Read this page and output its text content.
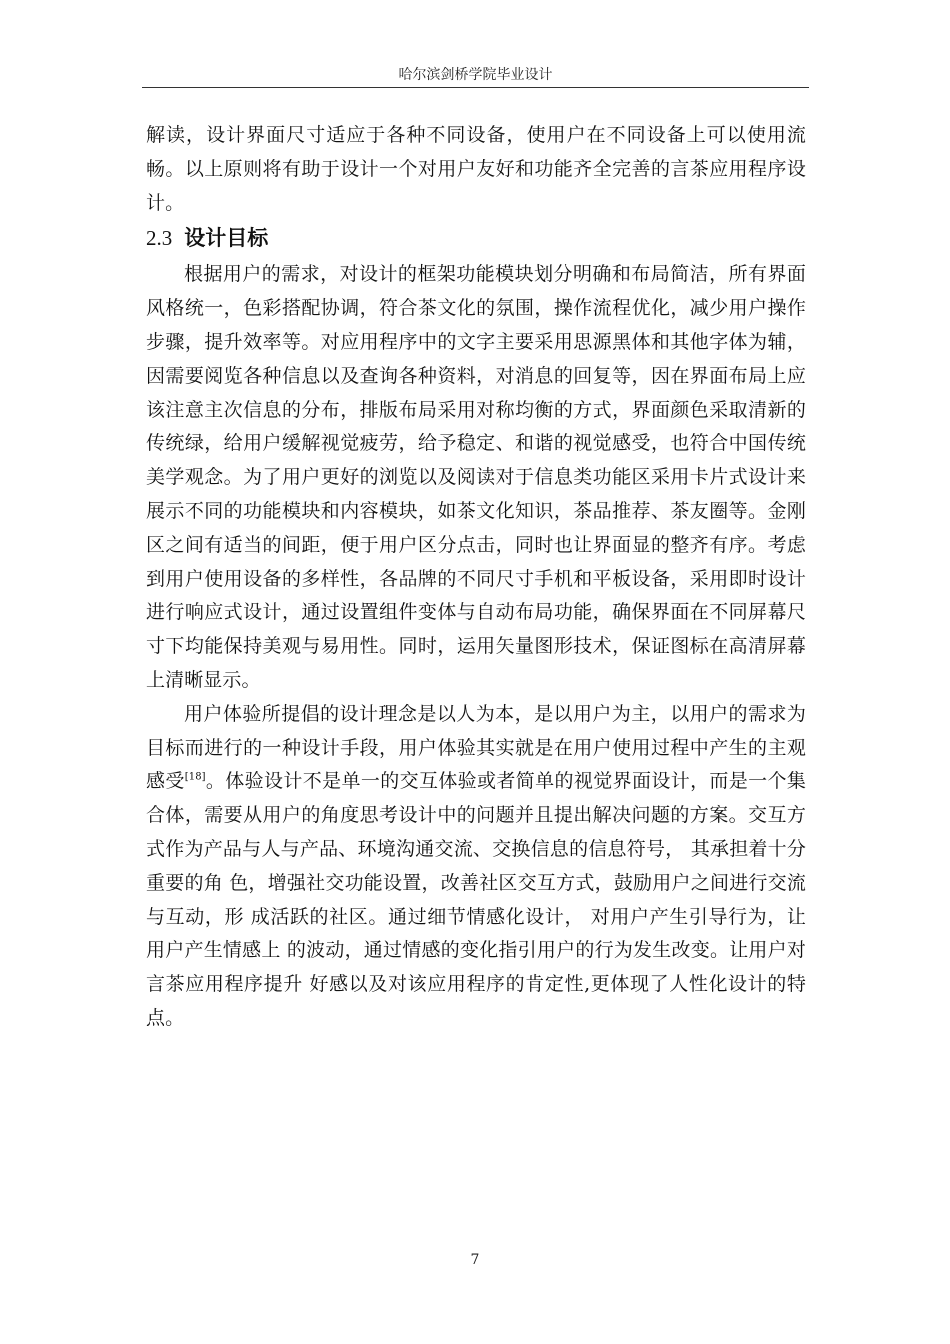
哈尔滨剑桥学院毕业设计

解读，设计界面尺寸适应于各种不同设备，使用户在不同设备上可以使用流畅。以上原则将有助于设计一个对用户友好和功能齐全完善的言茶应用程序设计。

2.3 设计目标

根据用户的需求，对设计的框架功能模块划分明确和布局简洁，所有界面风格统一，色彩搭配协调，符合茶文化的氛围，操作流程优化，减少用户操作步骤，提升效率等。对应用程序中的文字主要采用思源黑体和其他字体为辅，因需要阅览各种信息以及查询各种资料，对消息的回复等，因在界面布局上应该注意主次信息的分布，排版布局采用对称均衡的方式，界面颜色采取清新的传统绿，给用户缓解视觉疲劳，给予稳定、和谐的视觉感受，也符合中国传统美学观念。为了用户更好的浏览以及阅读对于信息类功能区采用卡片式设计来展示不同的功能模块和内容模块，如茶文化知识，茶品推荐、茶友圈等。金刚区之间有适当的间距，便于用户区分点击，同时也让界面显的整齐有序。考虑到用户使用设备的多样性，各品牌的不同尺寸手机和平板设备，采用即时设计进行响应式设计，通过设置组件变体与自动布局功能，确保界面在不同屏幕尺寸下均能保持美观与易用性。同时，运用矢量图形技术，保证图标在高清屏幕上清晰显示。

用户体验所提倡的设计理念是以人为本，是以用户为主，以用户的需求为目标而进行的一种设计手段，用户体验其实就是在用户使用过程中产生的主观感受[18]。体验设计不是单一的交互体验或者简单的视觉界面设计，而是一个集合体，需要从用户的角度思考设计中的问题并且提出解决问题的方案。交互方式作为产品与人与产品、环境沟通交流、交换信息的信息符号， 其承担着十分重要的角 色，增强社交功能设置，改善社区交互方式，鼓励用户之间进行交流与互动，形 成活跃的社区。通过细节情感化设计， 对用户产生引导行为，让用户产生情感上 的波动，通过情感的变化指引用户的行为发生改变。让用户对言茶应用程序提升 好感以及对该应用程序的肯定性,更体现了人性化设计的特点。

7
